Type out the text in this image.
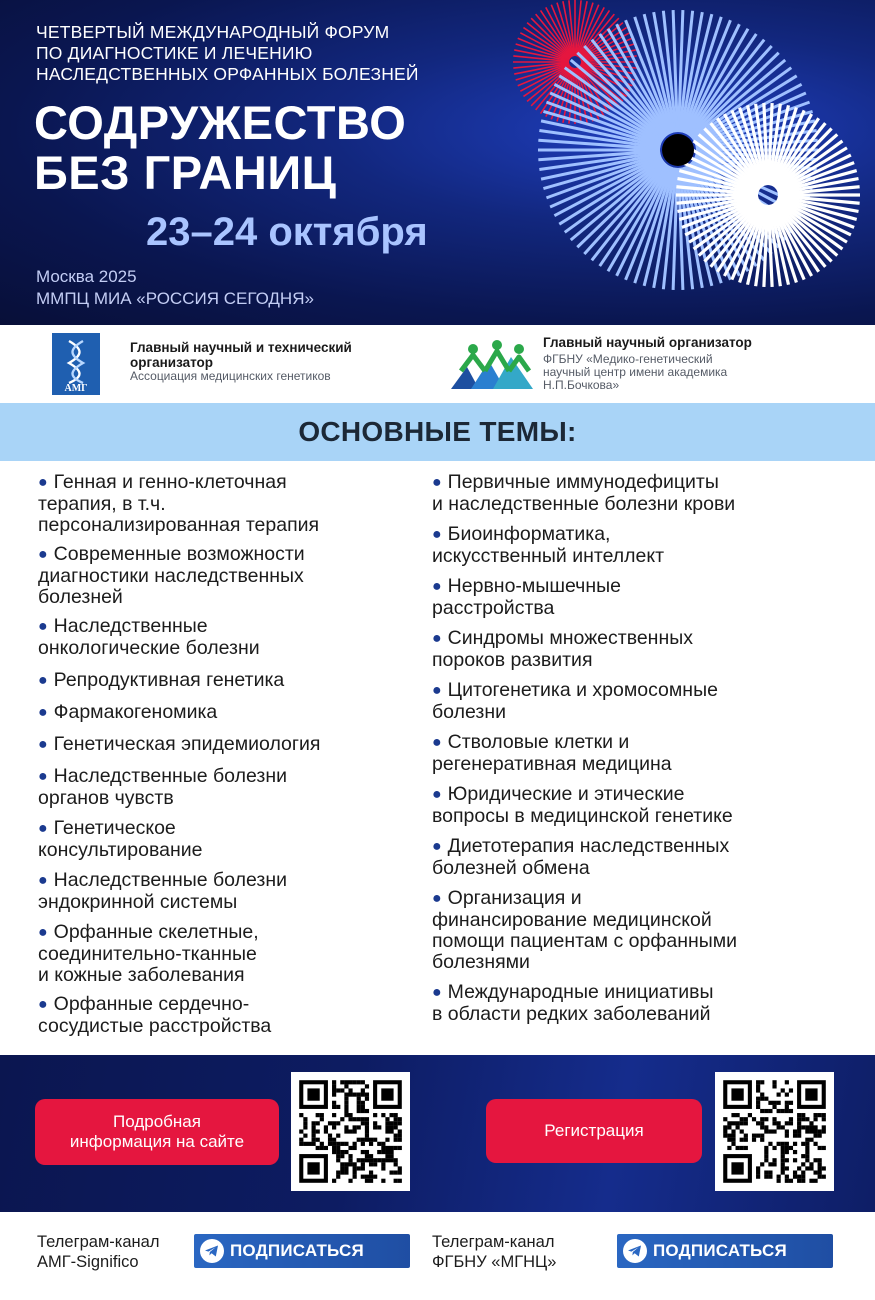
ЧЕТВЕРТЫЙ МЕЖДУНАРОДНЫЙ ФОРУМ
ПО ДИАГНОСТИКЕ И ЛЕЧЕНИЮ
НАСЛЕДСТВЕННЫХ ОРФАННЫХ БОЛЕЗНЕЙ
СОДРУЖЕСТВО
БЕЗ ГРАНИЦ
23–24 октября
Москва 2025
ММПЦ МИА «РОССИЯ СЕГОДНЯ»
АМГ
Главный научный и технический
организатор
Ассоциация медицинских генетиков
Главный научный организатор
ФГБНУ «Медико-генетический
научный центр имени академика
Н.П.Бочкова»
ОСНОВНЫЕ ТЕМЫ:
● Генная и генно-клеточная
терапия, в т.ч.
персонализированная терапия
● Современные возможности
диагностики наследственных
болезней
● Наследственные
онкологические болезни
● Репродуктивная генетика
● Фармакогеномика
● Генетическая эпидемиология
● Наследственные болезни
органов чувств
● Генетическое
консультирование
● Наследственные болезни
эндокринной системы
● Орфанные скелетные,
соединительно-тканные
и кожные заболевания
● Орфанные сердечно-
сосудистые расстройства
● Первичные иммунодефициты
и наследственные болезни крови
● Биоинформатика,
искусственный интеллект
● Нервно-мышечные
расстройства
● Синдромы множественных
пороков развития
● Цитогенетика и хромосомные
болезни
● Стволовые клетки и
регенеративная медицина
● Юридические и этические
вопросы в медицинской генетике
● Диетотерапия наследственных
болезней обмена
● Организация и
финансирование медицинской
помощи пациентам с орфанными
болезнями
● Международные инициативы
в области редких заболеваний
Подробная
информация на сайте
Регистрация
Телеграм-канал
АМГ-Significo
ПОДПИСАТЬСЯ	Телеграм-канал
ФГБНУ «МГНЦ»
ПОДПИСАТЬСЯ
